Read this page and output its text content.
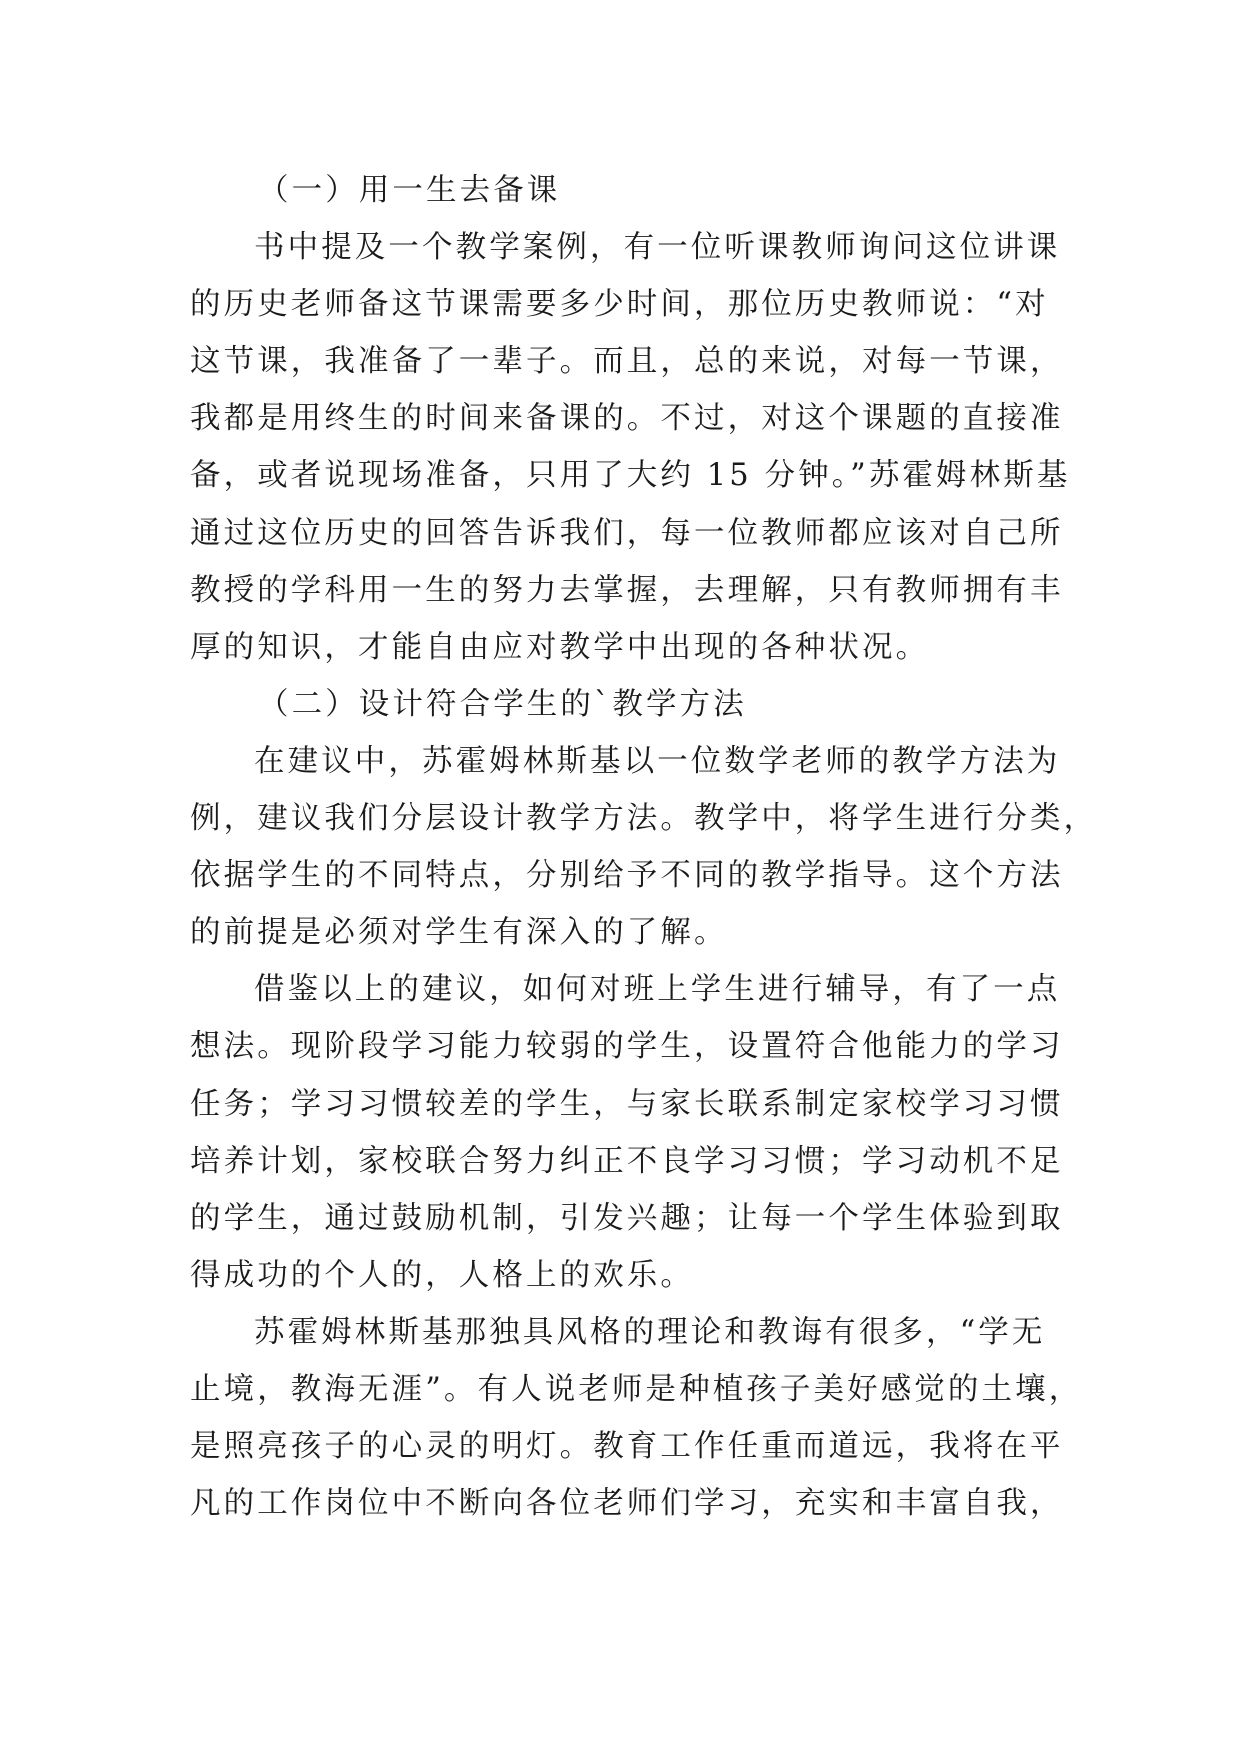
（一）用一生去备课
书中提及一个教学案例，有一位听课教师询问这位讲课
的历史老师备这节课需要多少时间，那位历史教师说：“对
这节课，我准备了一辈子。而且，总的来说，对每一节课，
我都是用终生的时间来备课的。不过，对这个课题的直接准
备，或者说现场准备，只用了大约 15 分钟。”苏霍姆林斯基
通过这位历史的回答告诉我们，每一位教师都应该对自己所
教授的学科用一生的努力去掌握，去理解，只有教师拥有丰
厚的知识，才能自由应对教学中出现的各种状况。
（二）设计符合学生的`教学方法
在建议中，苏霍姆林斯基以一位数学老师的教学方法为
例，建议我们分层设计教学方法。教学中，将学生进行分类，
依据学生的不同特点，分别给予不同的教学指导。这个方法
的前提是必须对学生有深入的了解。
借鉴以上的建议，如何对班上学生进行辅导，有了一点
想法。现阶段学习能力较弱的学生，设置符合他能力的学习
任务；学习习惯较差的学生，与家长联系制定家校学习习惯
培养计划，家校联合努力纠正不良学习习惯；学习动机不足
的学生，通过鼓励机制，引发兴趣；让每一个学生体验到取
得成功的个人的，人格上的欢乐。
苏霍姆林斯基那独具风格的理论和教诲有很多，“学无
止境，教海无涯”。有人说老师是种植孩子美好感觉的土壤，
是照亮孩子的心灵的明灯。教育工作任重而道远，我将在平
凡的工作岗位中不断向各位老师们学习，充实和丰富自我，
